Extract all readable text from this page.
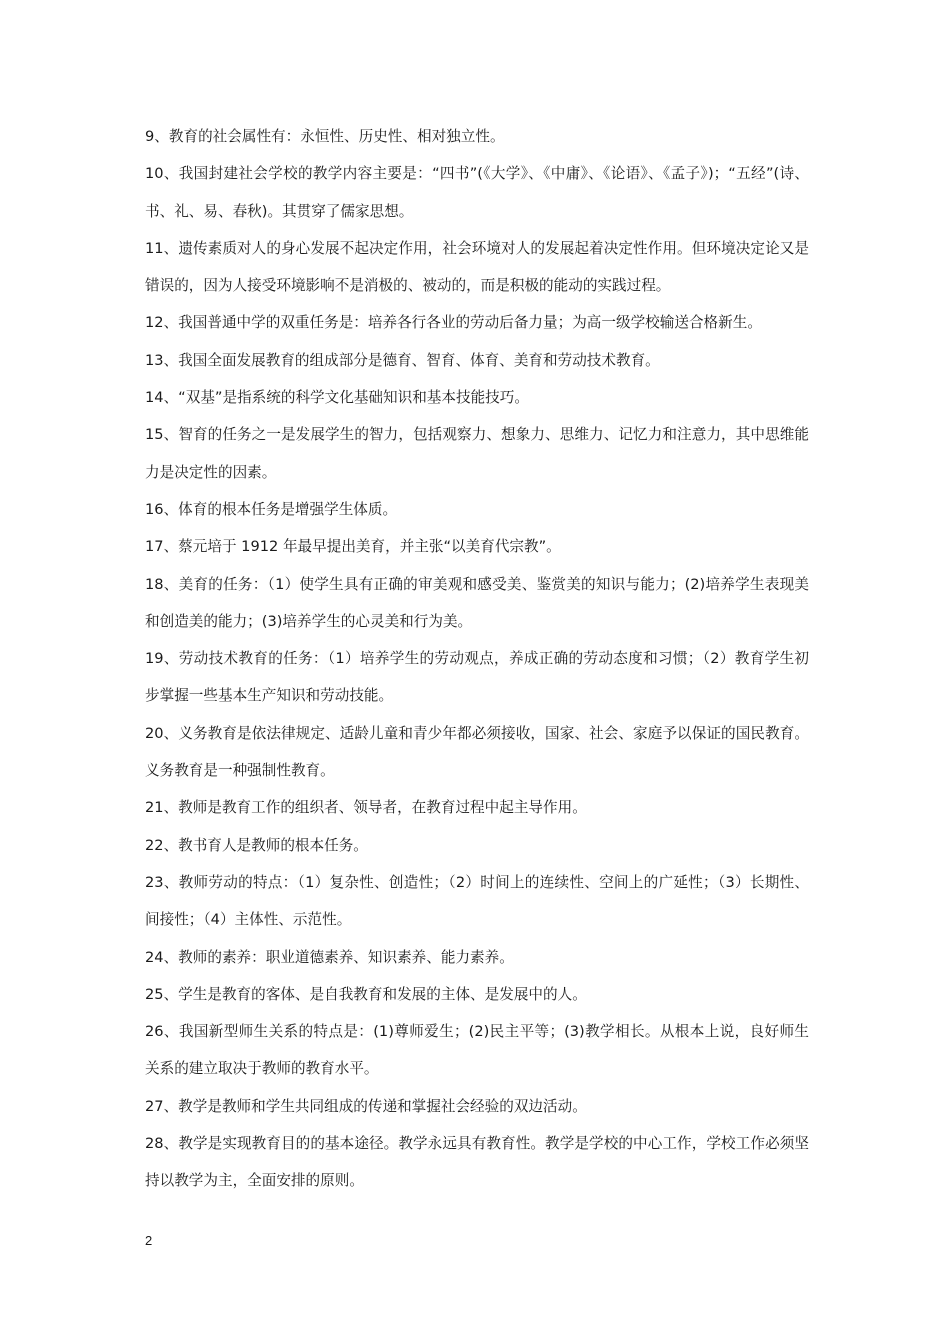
9、教育的社会属性有：永恒性、历史性、相对独立性。

10、我国封建社会学校的教学内容主要是：“四书”(《大学》、《中庸》、《论语》、《孟子》)；“五经”(诗、书、礼、易、春秋)。其贯穿了儒家思想。

11、遗传素质对人的身心发展不起决定作用，社会环境对人的发展起着决定性作用。但环境决定论又是错误的，因为人接受环境影响不是消极的、被动的，而是积极的能动的实践过程。

12、我国普通中学的双重任务是：培养各行各业的劳动后备力量；为高一级学校输送合格新生。

13、我国全面发展教育的组成部分是德育、智育、体育、美育和劳动技术教育。

14、“双基”是指系统的科学文化基础知识和基本技能技巧。

15、智育的任务之一是发展学生的智力，包括观察力、想象力、思维力、记忆力和注意力，其中思维能力是决定性的因素。

16、体育的根本任务是增强学生体质。

17、蔡元培于 1912 年最早提出美育，并主张“以美育代宗教”。

18、美育的任务：（1）使学生具有正确的审美观和感受美、鉴赏美的知识与能力；(2)培养学生表现美和创造美的能力；(3)培养学生的心灵美和行为美。

19、劳动技术教育的任务：（1）培养学生的劳动观点，养成正确的劳动态度和习惯；（2）教育学生初步掌握一些基本生产知识和劳动技能。

20、义务教育是依法律规定、适龄儿童和青少年都必须接收，国家、社会、家庭予以保证的国民教育。义务教育是一种强制性教育。

21、教师是教育工作的组织者、领导者，在教育过程中起主导作用。

22、教书育人是教师的根本任务。

23、教师劳动的特点：（1）复杂性、创造性；（2）时间上的连续性、空间上的广延性；（3）长期性、间接性；（4）主体性、示范性。

24、教师的素养：职业道德素养、知识素养、能力素养。

25、学生是教育的客体、是自我教育和发展的主体、是发展中的人。

26、我国新型师生关系的特点是：(1)尊师爱生；(2)民主平等；(3)教学相长。从根本上说，良好师生关系的建立取决于教师的教育水平。

27、教学是教师和学生共同组成的传递和掌握社会经验的双边活动。

28、教学是实现教育目的的基本途径。教学永远具有教育性。教学是学校的中心工作，学校工作必须坚持以教学为主，全面安排的原则。

2
